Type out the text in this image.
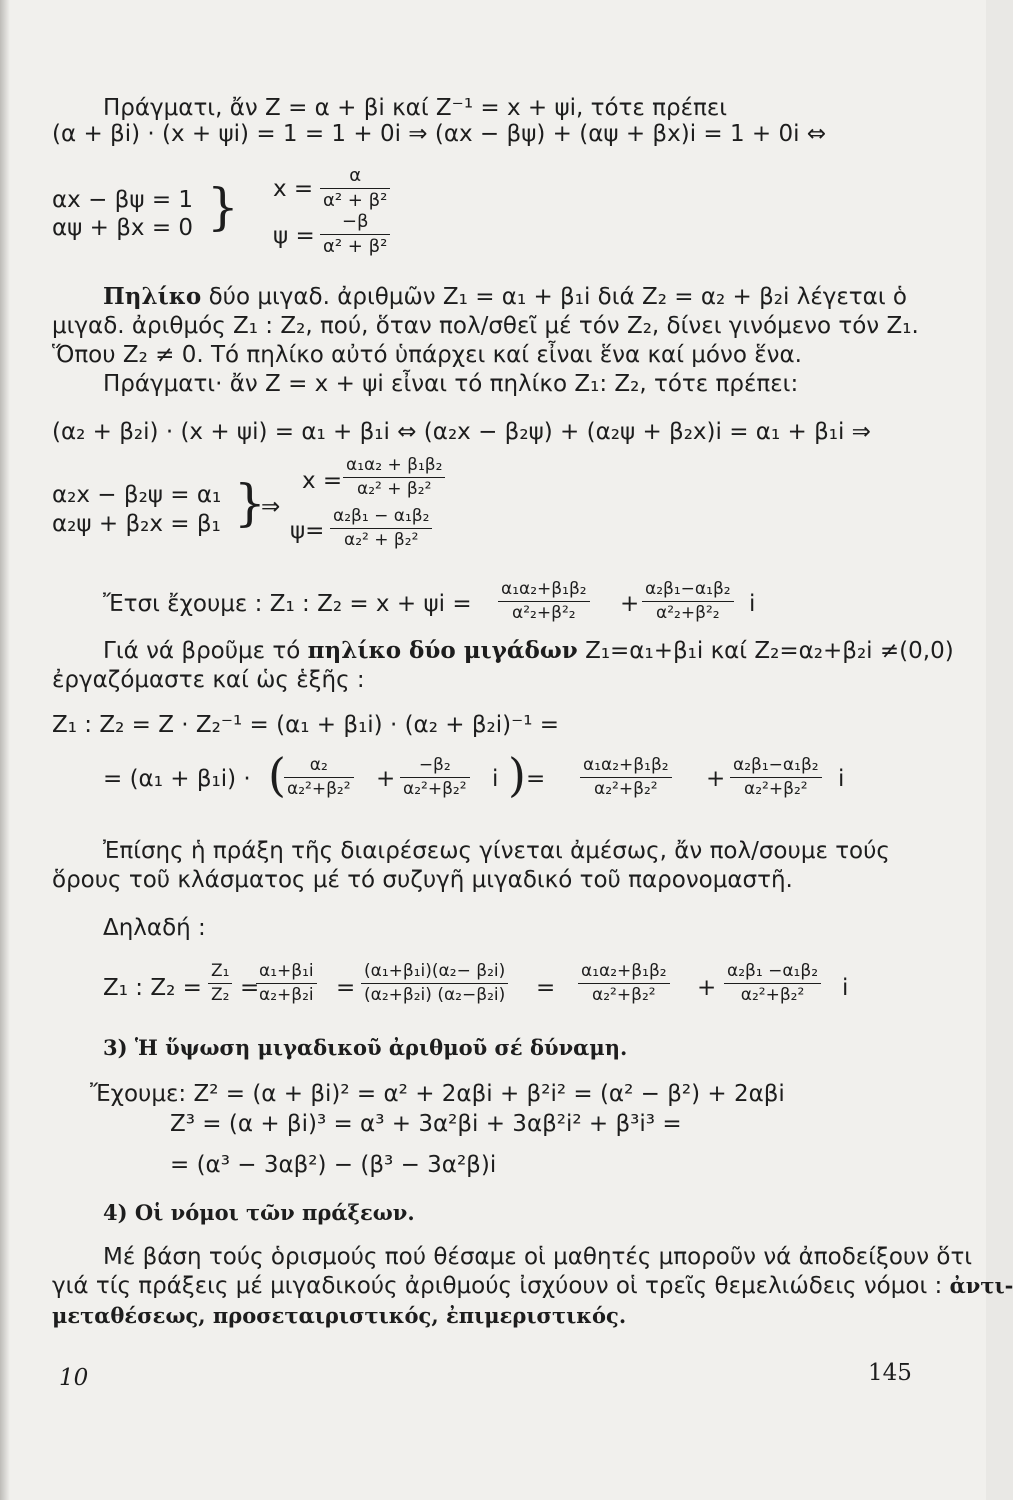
Πράγματι, ἄν Z = α + βi καί Z⁻¹ = x + ψi, τότε πρέπει
(α + βi) · (x + ψi) = 1 = 1 + 0i ⇒ (αx − βψ) + (αψ + βx)i = 1 + 0i ⇔
αx − βψ = 1
αψ + βx = 0 } $x = \frac{\alpha}{\text{α² + β²}}$
$\psi = \frac{-\beta}{\text{α² + β²}}$
Πηλίκο δύο μιγαδ. ἀριθμῶν Z₁ = α₁ + β₁i διά Z₂ = α₂ + β₂i λέγεται ὁ
μιγαδ. ἀριθμός Z₁ : Z₂, πού, ὅταν πολ/σθεῖ μέ τόν Z₂, δίνει γινόμενο τόν Z₁.
Ὅπου Z₂ ≠ 0. Τό πηλίκο αὐτό ὑπάρχει καί εἶναι ἕνα καί μόνο ἕνα.
Πράγματι· ἄν Z = x + ψi εἶναι τό πηλίκο Z₁: Z₂, τότε πρέπει:
(α₂ + β₂i) · (x + ψi) = α₁ + β₁i ⇔ (α₂x − β₂ψ) + (α₂ψ + β₂x)i = α₁ + β₁i ⇒
α₂x − β₂ψ = α₁
α₂ψ + β₂x = β₁ }
⇒
$x = \frac{\text{α₁α₂ + β₁β₂}}{\text{α₂² + β₂²}}$
$\psi= \frac{\text{α₂β₁ − α₁β₂}}{\text{α₂² + β₂²}}$
Ἔτσι ἔχουμε : Z₁ : $Z_2 = x + \psi i = \frac{\text{α₁α₂+β₁β₂}}{\text{α²₂+β²₂}} + \frac{\text{α₂β₁−α₁β₂}}{\text{α²₂+β²₂}}$ i
Γιά νά βροῦμε τό πηλίκο δύο μιγάδων Z₁=α₁+β₁i καί Z₂=α₂+β₂i ≠(0,0)
ἐργαζόμαστε καί ὡς ἑξῆς :
Z₁ : Z₂ = Z · Z₂⁻¹ = (α₁ + β₁i) · (α₂ + β₂i)⁻¹ =
= (α₁ + β₁i) · (
$\frac{\text{α₂}}{\text{α₂²+β₂²}} + \frac{\text{−β₂}}{\text{α₂²+β₂²}}$ i ) = $\frac{\text{α₁α₂+β₁β₂}}{\text{α₂²+β₂²}} + \frac{\text{α₂β₁−α₁β₂}}{\text{α₂²+β₂²}}$ i
Ἐπίσης ἡ πράξη τῆς διαιρέσεως γίνεται ἀμέσως, ἄν πολ/σουμε τούς
ὅρους τοῦ κλάσματος μέ τό συζυγῆ μιγαδικό τοῦ παρονομαστῆ.
Δηλαδή :
Z₁ : $Z_2 = \frac{\text{Z₁}}{\text{Z₂}}$ =
$\frac{\text{α₁+β₁i}}{\text{α₂+β₂i}} = \frac{\text{(α₁+β₁i)(α₂− β₂i)}}{\text{(α₂+β₂i) (α₂−β₂i)}} = \frac{\text{α₁α₂+β₁β₂}}{\text{α₂²+β₂²}} + \frac{\text{α₂β₁ −α₁β₂}}{\text{α₂²+β₂²}}$ i
3) Ἡ ὕψωση μιγαδικοῦ ἀριθμοῦ σέ δύναμη.
Ἔχουμε: Z² = (α + βi)² = α² + 2αβi + β²i² = (α² − β²) + 2αβi
Z³ = (α + βi)³ = α³ + 3α²βi + 3αβ²i² + β³i³ =
= (α³ − 3αβ²) − (β³ − 3α²β)i
4) Οἱ νόμοι τῶν πράξεων.
Μέ βάση τούς ὁρισμούς πού θέσαμε οἱ μαθητές μποροῦν νά ἀποδείξουν ὅτι
γιά τίς πράξεις μέ μιγαδικούς ἀριθμούς ἰσχύουν οἱ τρεῖς θεμελιώδεις νόμοι : ἀντι-
μεταθέσεως, προσεταιριστικός, ἐπιμεριστικός.
10	145
